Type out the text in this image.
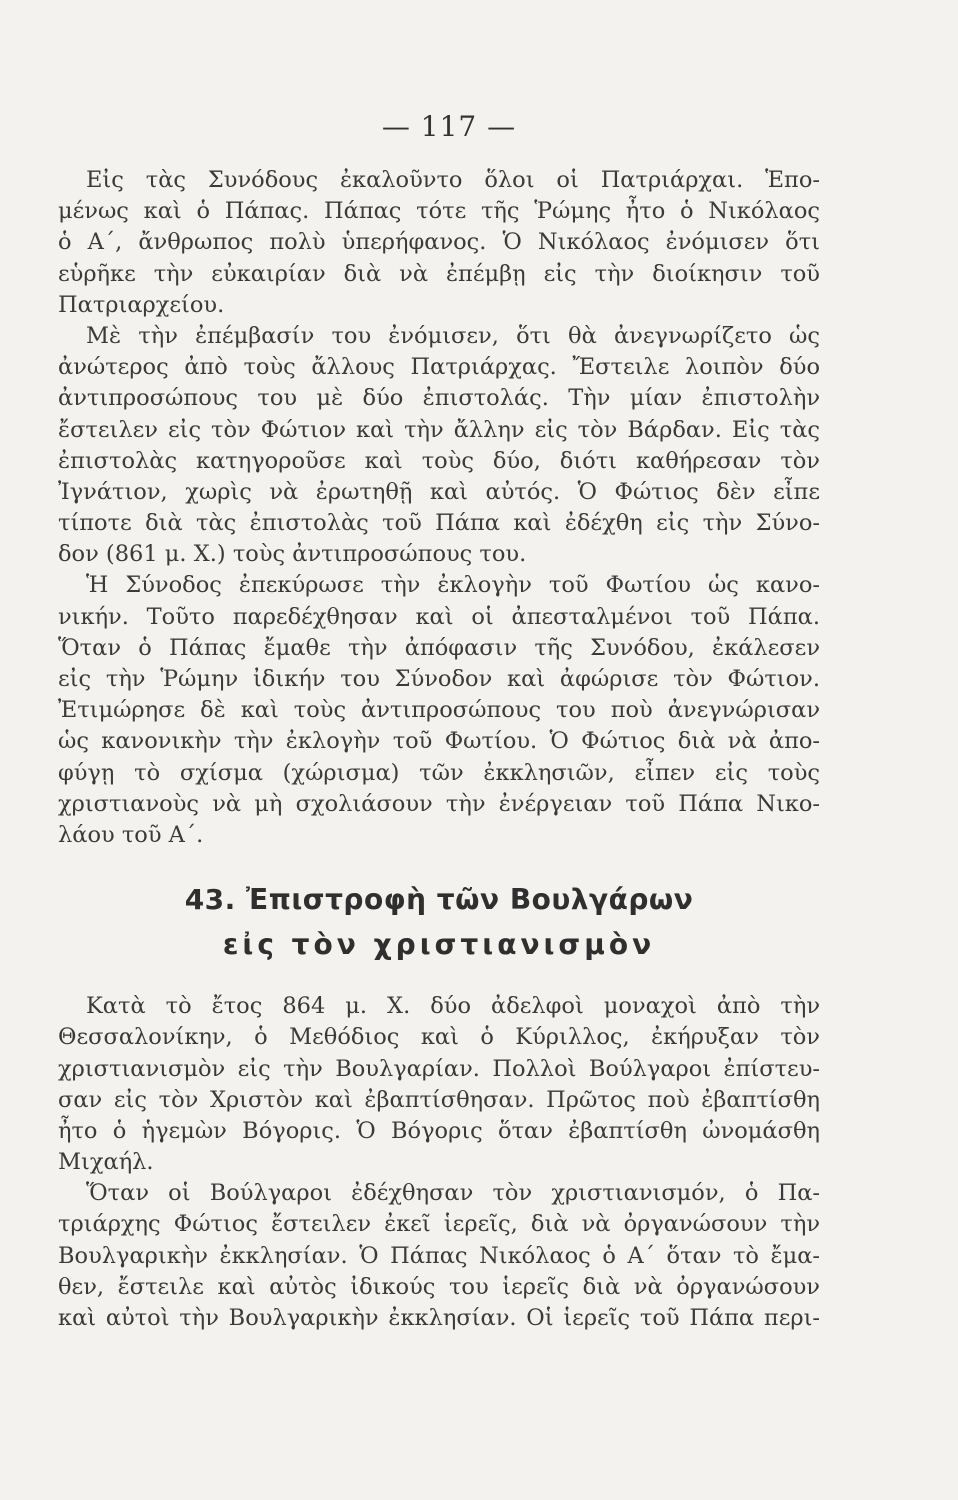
— 117 —
Εἰς τὰς Συνόδους ἐκαλοῦντο ὅλοι οἱ Πατριάρχαι. Ἑπο-
μένως καὶ ὁ Πάπας. Πάπας τότε τῆς Ῥώμης ἦτο ὁ Νικόλαος
ὁ Α΄, ἄνθρωπος πολὺ ὑπερήφανος. Ὁ Νικόλαος ἐνόμισεν ὅτι
εὑρῆκε τὴν εὐκαιρίαν διὰ νὰ ἐπέμβῃ εἰς τὴν διοίκησιν τοῦ
Πατριαρχείου.
Μὲ τὴν ἐπέμβασίν του ἐνόμισεν, ὅτι θὰ ἀνεγνωρίζετο ὡς
ἀνώτερος ἀπὸ τοὺς ἄλλους Πατριάρχας. Ἔστειλε λοιπὸν δύο
ἀντιπροσώπους του μὲ δύο ἐπιστολάς. Τὴν μίαν ἐπιστολὴν
ἔστειλεν εἰς τὸν Φώτιον καὶ τὴν ἄλλην εἰς τὸν Βάρδαν. Εἰς τὰς
ἐπιστολὰς κατηγοροῦσε καὶ τοὺς δύο, διότι καθήρεσαν τὸν
Ἰγνάτιον, χωρὶς νὰ ἐρωτηθῇ καὶ αὐτός. Ὁ Φώτιος δὲν εἶπε
τίποτε διὰ τὰς ἐπιστολὰς τοῦ Πάπα καὶ ἐδέχθη εἰς τὴν Σύνο-
δον (861 μ. Χ.) τοὺς ἀντιπροσώπους του.
Ἡ Σύνοδος ἐπεκύρωσε τὴν ἐκλογὴν τοῦ Φωτίου ὡς κανο-
νικήν. Τοῦτο παρεδέχθησαν καὶ οἱ ἀπεσταλμένοι τοῦ Πάπα.
Ὅταν ὁ Πάπας ἔμαθε τὴν ἀπόφασιν τῆς Συνόδου, ἐκάλεσεν
εἰς τὴν Ῥώμην ἰδικήν του Σύνοδον καὶ ἀφώρισε τὸν Φώτιον.
Ἐτιμώρησε δὲ καὶ τοὺς ἀντιπροσώπους του ποὺ ἀνεγνώρισαν
ὡς κανονικὴν τὴν ἐκλογὴν τοῦ Φωτίου. Ὁ Φώτιος διὰ νὰ ἀπο-
φύγῃ τὸ σχίσμα (χώρισμα) τῶν ἐκκλησιῶν, εἶπεν εἰς τοὺς
χριστιανοὺς νὰ μὴ σχολιάσουν τὴν ἐνέργειαν τοῦ Πάπα Νικο-
λάου τοῦ Α΄.
43. Ἐπιστροφὴ τῶν Βουλγάρων
εἰς τὸν χριστιανισμὸν
Κατὰ τὸ ἔτος 864 μ. Χ. δύο ἀδελφοὶ μοναχοὶ ἀπὸ τὴν
Θεσσαλονίκην, ὁ Μεθόδιος καὶ ὁ Κύριλλος, ἐκήρυξαν τὸν
χριστιανισμὸν εἰς τὴν Βουλγαρίαν. Πολλοὶ Βούλγαροι ἐπίστευ-
σαν εἰς τὸν Χριστὸν καὶ ἐβαπτίσθησαν. Πρῶτος ποὺ ἐβαπτίσθη
ἦτο ὁ ἡγεμὼν Βόγορις. Ὁ Βόγορις ὅταν ἐβαπτίσθη ὠνομάσθη
Μιχαήλ.
Ὅταν οἱ Βούλγαροι ἐδέχθησαν τὸν χριστιανισμόν, ὁ Πα-
τριάρχης Φώτιος ἔστειλεν ἐκεῖ ἱερεῖς, διὰ νὰ ὀργανώσουν τὴν
Βουλγαρικὴν ἐκκλησίαν. Ὁ Πάπας Νικόλαος ὁ Α΄ ὅταν τὸ ἔμα-
θεν, ἔστειλε καὶ αὐτὸς ἰδικούς του ἱερεῖς διὰ νὰ ὀργανώσουν
καὶ αὐτοὶ τὴν Βουλγαρικὴν ἐκκλησίαν. Οἱ ἱερεῖς τοῦ Πάπα περι-
